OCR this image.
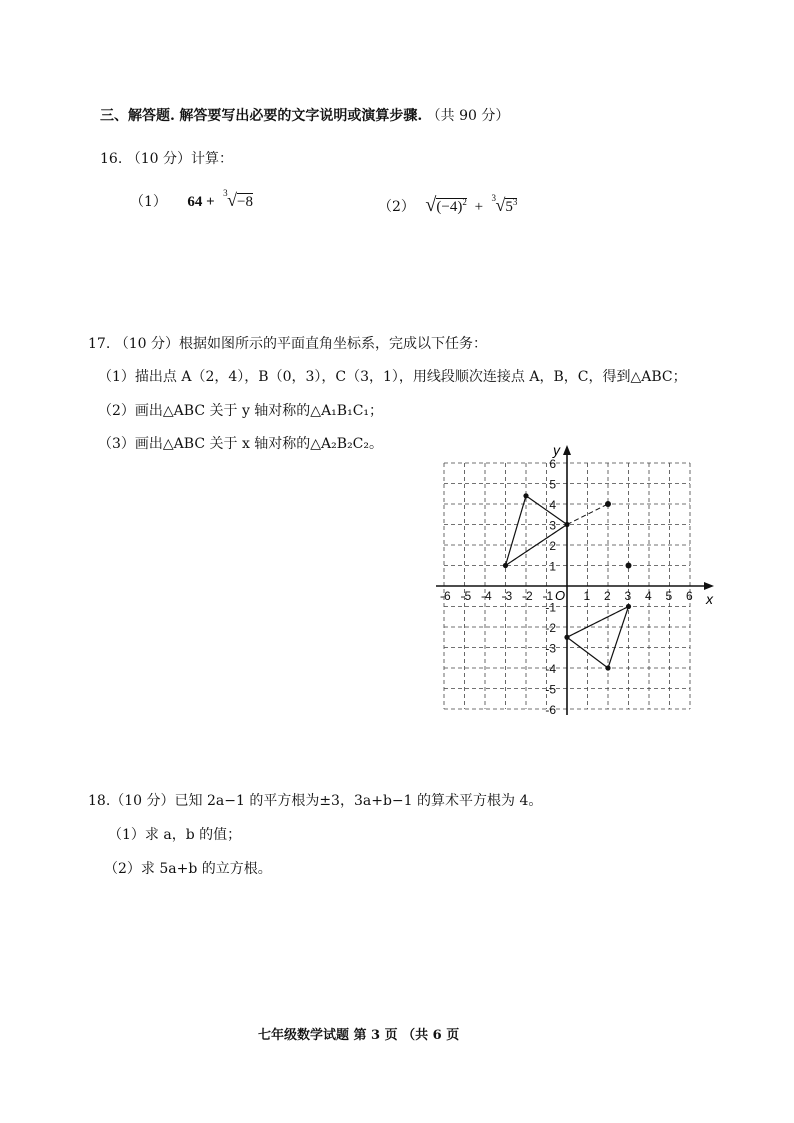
三、解答题. 解答要写出必要的文字说明或演算步骤. （共 90 分）
16. （10 分）计算：
（1） 64 +
3 √−8	（2） $√(-4)^2$ +
3 $√5^3$
17. （10 分）根据如图所示的平面直角坐标系，完成以下任务：
（1）描出点 A（2，4），B（0，3），C（3，1），用线段顺次连接点 A，B，C，得到△ABC；
（2）画出△ABC 关于 y 轴对称的△A₁B₁C₁；
（3）画出△ABC 关于 x 轴对称的△A₂B₂C₂。
-6 -5 -4 -3 -2 -1	1 2 3 4 5 6
6
5
4
3
2
1
-1
-2
-3
-4
-5
-6
x
y
O
18.（10 分）已知 2a−1 的平方根为±3，3a+b−1 的算术平方根为 4。
（1）求 a，b 的值；
（2）求 5a+b 的立方根。
七年级数学试题 第 3 页 （共 6 页
